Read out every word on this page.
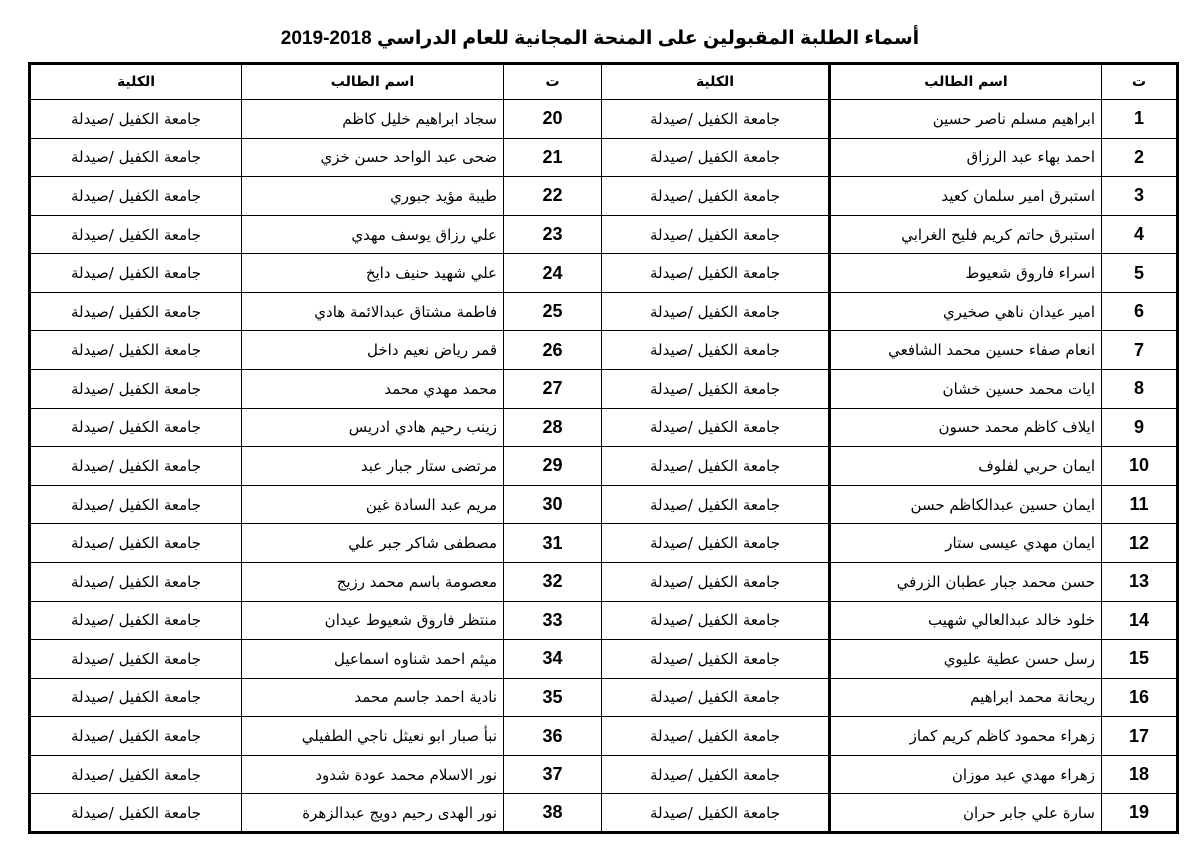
أسماء الطلبة المقبولين على المنحة المجانية للعام الدراسي 2018-2019
ت	اسم الطالب	الكلية	ت	اسم الطالب	الكلية
1	ابراهيم مسلم ناصر حسين	جامعة الكفيل /صيدلة	20	سجاد ابراهيم خليل كاظم	جامعة الكفيل /صيدلة
2	احمد بهاء عبد الرزاق	جامعة الكفيل /صيدلة	21	ضحى عبد الواحد حسن خزي	جامعة الكفيل /صيدلة
3	استبرق امير سلمان كعيد	جامعة الكفيل /صيدلة	22	طيبة مؤيد جبوري	جامعة الكفيل /صيدلة
4	استبرق حاتم كريم فليح الغرابي	جامعة الكفيل /صيدلة	23	علي رزاق يوسف مهدي	جامعة الكفيل /صيدلة
5	اسراء فاروق شعيوط	جامعة الكفيل /صيدلة	24	علي شهيد حنيف دايخ	جامعة الكفيل /صيدلة
6	امير عيدان ناهي صخيري	جامعة الكفيل /صيدلة	25	فاطمة مشتاق عبدالائمة هادي	جامعة الكفيل /صيدلة
7	انعام صفاء حسين محمد الشافعي	جامعة الكفيل /صيدلة	26	قمر رياض نعيم داخل	جامعة الكفيل /صيدلة
8	ايات محمد حسين خشان	جامعة الكفيل /صيدلة	27	محمد مهدي محمد	جامعة الكفيل /صيدلة
9	ايلاف كاظم محمد حسون	جامعة الكفيل /صيدلة	28	زينب رحيم هادي ادريس	جامعة الكفيل /صيدلة
10	ايمان حربي لفلوف	جامعة الكفيل /صيدلة	29	مرتضى ستار جبار عبد	جامعة الكفيل /صيدلة
11	ايمان حسين عبدالكاظم حسن	جامعة الكفيل /صيدلة	30	مريم عبد السادة غين	جامعة الكفيل /صيدلة
12	ايمان مهدي عيسى ستار	جامعة الكفيل /صيدلة	31	مصطفى شاكر جبر علي	جامعة الكفيل /صيدلة
13	حسن محمد جبار عطبان الزرفي	جامعة الكفيل /صيدلة	32	معصومة باسم محمد رزيج	جامعة الكفيل /صيدلة
14	خلود خالد عبدالعالي شهيب	جامعة الكفيل /صيدلة	33	منتظر فاروق شعيوط عيدان	جامعة الكفيل /صيدلة
15	رسل حسن عطية عليوي	جامعة الكفيل /صيدلة	34	ميثم احمد شناوه اسماعيل	جامعة الكفيل /صيدلة
16	ريحانة محمد ابراهيم	جامعة الكفيل /صيدلة	35	نادية احمد جاسم محمد	جامعة الكفيل /صيدلة
17	زهراء محمود كاظم كريم كماز	جامعة الكفيل /صيدلة	36	نبأ صبار ابو نعيثل ناجي الطفيلي	جامعة الكفيل /صيدلة
18	زهراء مهدي عبد موزان	جامعة الكفيل /صيدلة	37	نور الاسلام محمد عودة شدود	جامعة الكفيل /صيدلة
19	سارة علي جابر حران	جامعة الكفيل /صيدلة	38	نور الهدى رحيم دويج عبدالزهرة	جامعة الكفيل /صيدلة
